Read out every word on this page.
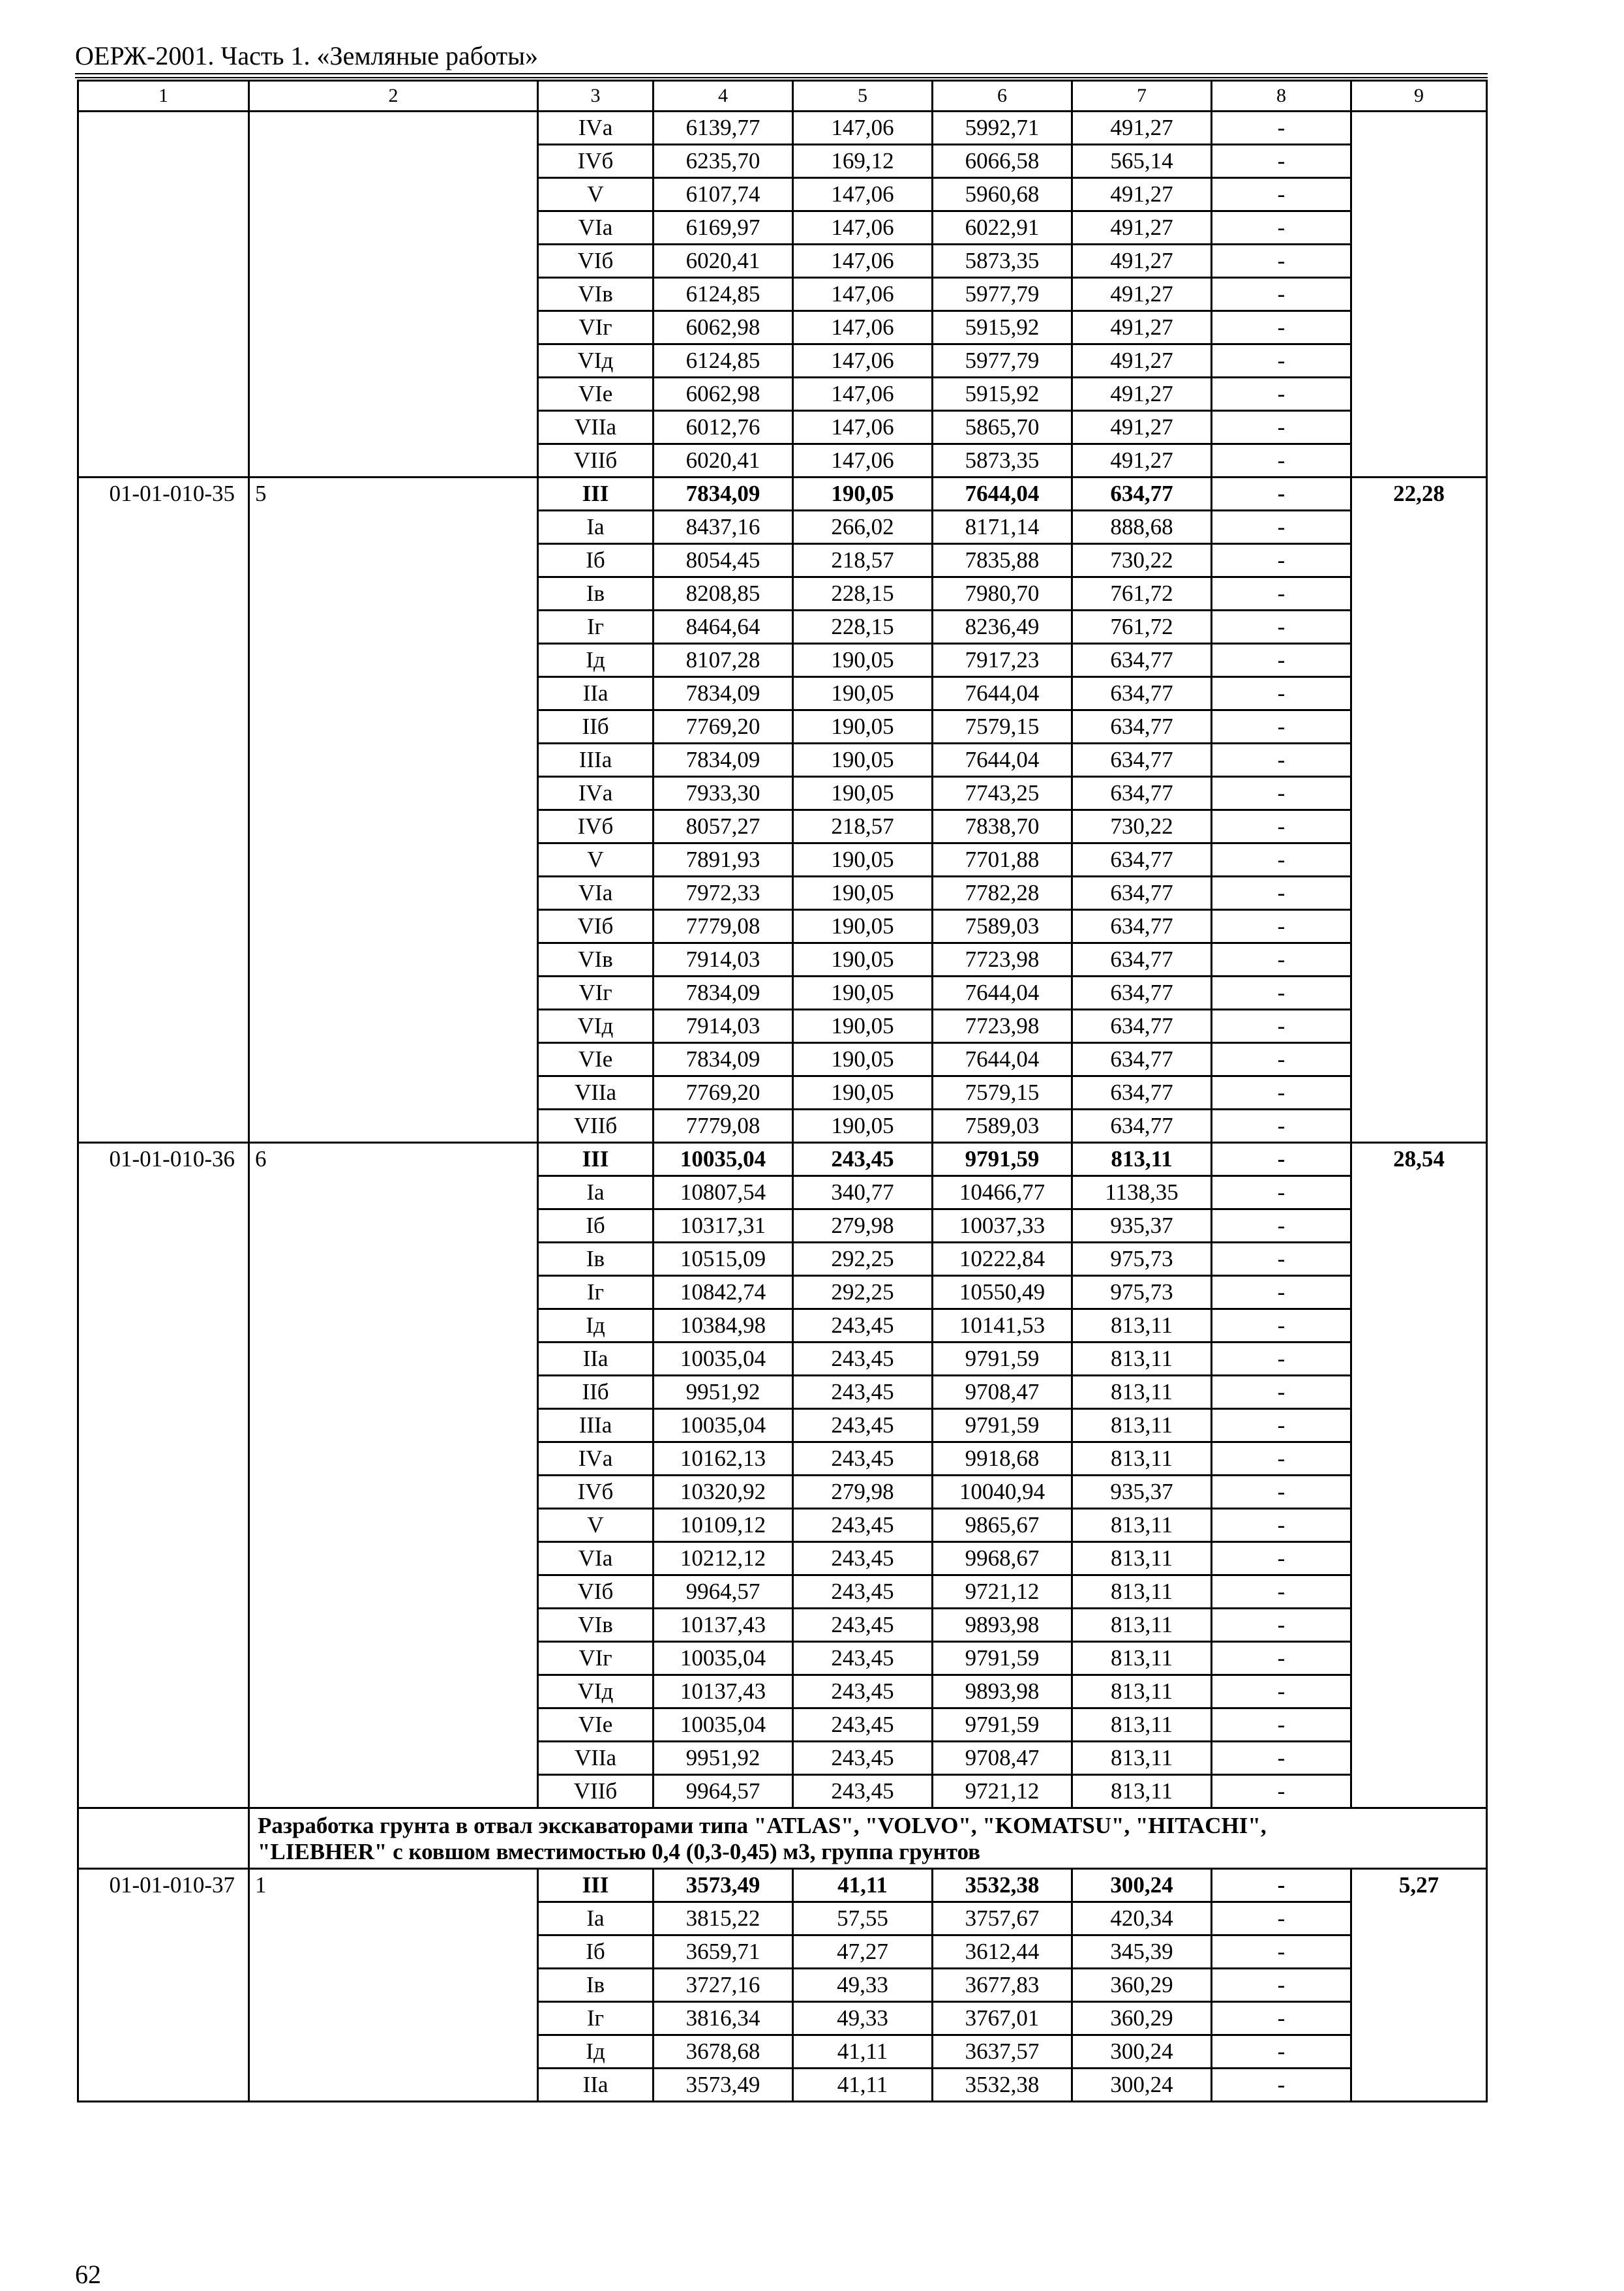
ОЕРЖ-2001. Часть 1. «Земляные работы»
1	2	3	4	5	6	7	8	9
		IVа	6139,77	147,06	5992,71	491,27	-	
		IVб	6235,70	169,12	6066,58	565,14	-	
		V	6107,74	147,06	5960,68	491,27	-	
		VIа	6169,97	147,06	6022,91	491,27	-	
		VIб	6020,41	147,06	5873,35	491,27	-	
		VIв	6124,85	147,06	5977,79	491,27	-	
		VIг	6062,98	147,06	5915,92	491,27	-	
		VIд	6124,85	147,06	5977,79	491,27	-	
		VIе	6062,98	147,06	5915,92	491,27	-	
		VIIа	6012,76	147,06	5865,70	491,27	-	
		VIIб	6020,41	147,06	5873,35	491,27	-	
01-01-010-35	5	III	7834,09	190,05	7644,04	634,77	-	22,28
		Iа	8437,16	266,02	8171,14	888,68	-	
		Iб	8054,45	218,57	7835,88	730,22	-	
		Iв	8208,85	228,15	7980,70	761,72	-	
		Iг	8464,64	228,15	8236,49	761,72	-	
		Iд	8107,28	190,05	7917,23	634,77	-	
		IIа	7834,09	190,05	7644,04	634,77	-	
		IIб	7769,20	190,05	7579,15	634,77	-	
		IIIа	7834,09	190,05	7644,04	634,77	-	
		IVа	7933,30	190,05	7743,25	634,77	-	
		IVб	8057,27	218,57	7838,70	730,22	-	
		V	7891,93	190,05	7701,88	634,77	-	
		VIа	7972,33	190,05	7782,28	634,77	-	
		VIб	7779,08	190,05	7589,03	634,77	-	
		VIв	7914,03	190,05	7723,98	634,77	-	
		VIг	7834,09	190,05	7644,04	634,77	-	
		VIд	7914,03	190,05	7723,98	634,77	-	
		VIе	7834,09	190,05	7644,04	634,77	-	
		VIIа	7769,20	190,05	7579,15	634,77	-	
		VIIб	7779,08	190,05	7589,03	634,77	-	
01-01-010-36	6	III	10035,04	243,45	9791,59	813,11	-	28,54
		Iа	10807,54	340,77	10466,77	1138,35	-	
		Iб	10317,31	279,98	10037,33	935,37	-	
		Iв	10515,09	292,25	10222,84	975,73	-	
		Iг	10842,74	292,25	10550,49	975,73	-	
		Iд	10384,98	243,45	10141,53	813,11	-	
		IIа	10035,04	243,45	9791,59	813,11	-	
		IIб	9951,92	243,45	9708,47	813,11	-	
		IIIа	10035,04	243,45	9791,59	813,11	-	
		IVа	10162,13	243,45	9918,68	813,11	-	
		IVб	10320,92	279,98	10040,94	935,37	-	
		V	10109,12	243,45	9865,67	813,11	-	
		VIа	10212,12	243,45	9968,67	813,11	-	
		VIб	9964,57	243,45	9721,12	813,11	-	
		VIв	10137,43	243,45	9893,98	813,11	-	
		VIг	10035,04	243,45	9791,59	813,11	-	
		VIд	10137,43	243,45	9893,98	813,11	-	
		VIе	10035,04	243,45	9791,59	813,11	-	
		VIIа	9951,92	243,45	9708,47	813,11	-	
		VIIб	9964,57	243,45	9721,12	813,11	-	

	Разработка грунта в отвал экскаваторами типа "ATLAS", "VOLVO", "KOMATSU", "HITACHI",
"LIEBHER" с ковшом вместимостью 0,4 (0,3-0,45) м3, группа грунтов							

01-01-010-37	1	III	3573,49	41,11	3532,38	300,24	-	5,27
		Iа	3815,22	57,55	3757,67	420,34	-	
		Iб	3659,71	47,27	3612,44	345,39	-	
		Iв	3727,16	49,33	3677,83	360,29	-	
		Iг	3816,34	49,33	3767,01	360,29	-	
		Iд	3678,68	41,11	3637,57	300,24	-	
		IIа	3573,49	41,11	3532,38	300,24	-	
62
